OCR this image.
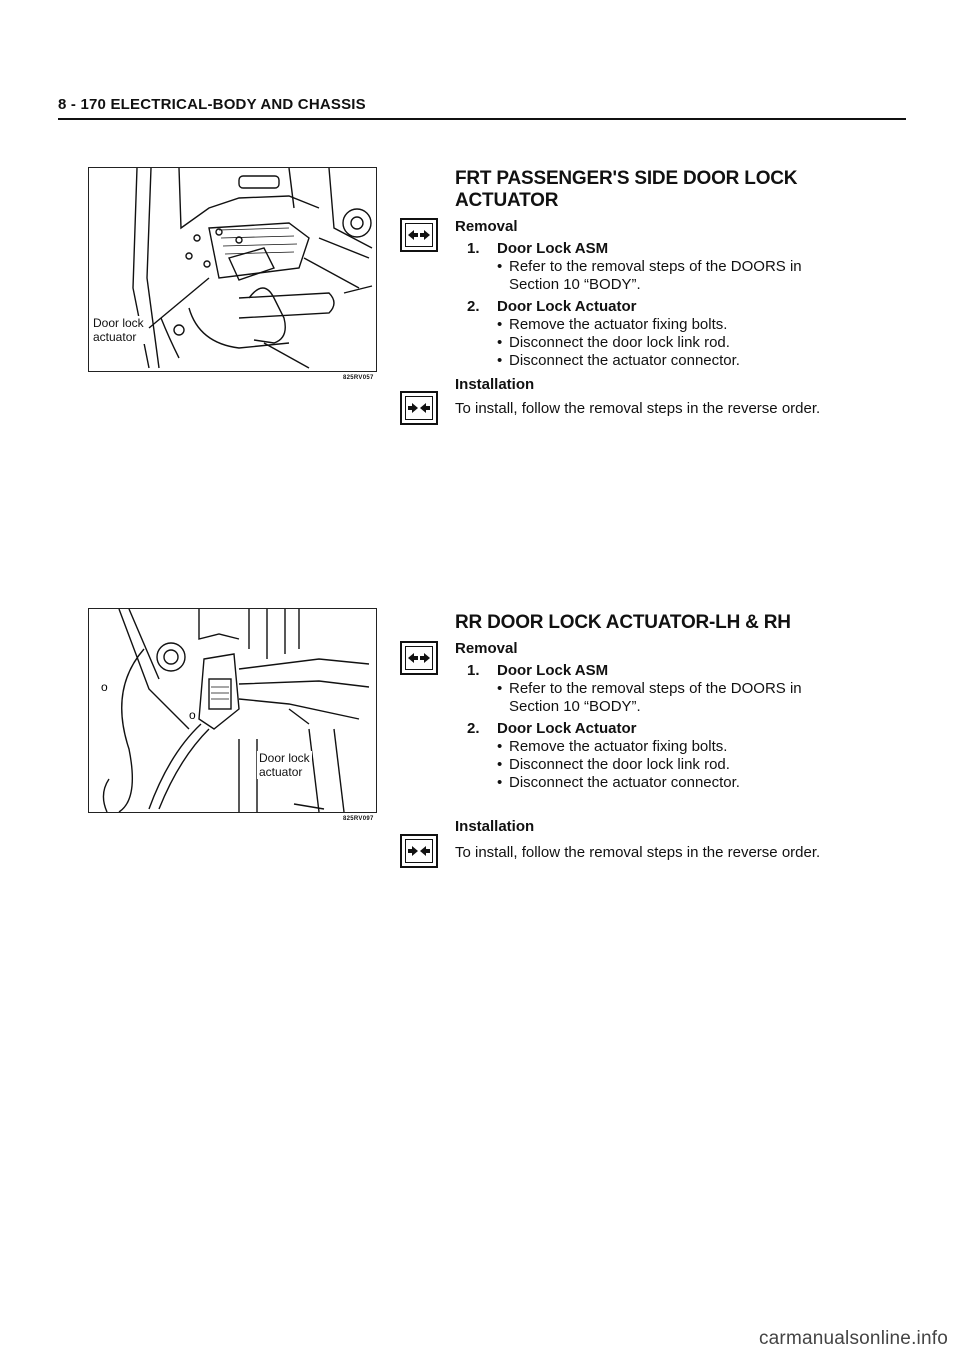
8 - 170 ELECTRICAL-BODY AND CHASSIS
Door lock
actuator
825RV057
o
o
Door lock
actuator
825RV097
FRT PASSENGER'S SIDE DOOR LOCK
ACTUATOR
Removal
1. Door Lock ASM
• Refer to the removal steps of the DOORS in
Section 10 “BODY”.
2. Door Lock Actuator
• Remove the actuator fixing bolts.
• Disconnect the door lock link rod.
• Disconnect the actuator connector.
Installation
To install, follow the removal steps in the reverse order.
RR DOOR LOCK ACTUATOR-LH & RH
Removal
1. Door Lock ASM
• Refer to the removal steps of the DOORS in
Section 10 “BODY”.
2. Door Lock Actuator
• Remove the actuator fixing bolts.
• Disconnect the door lock link rod.
• Disconnect the actuator connector.
Installation
To install, follow the removal steps in the reverse order.
carmanualsonline.info
